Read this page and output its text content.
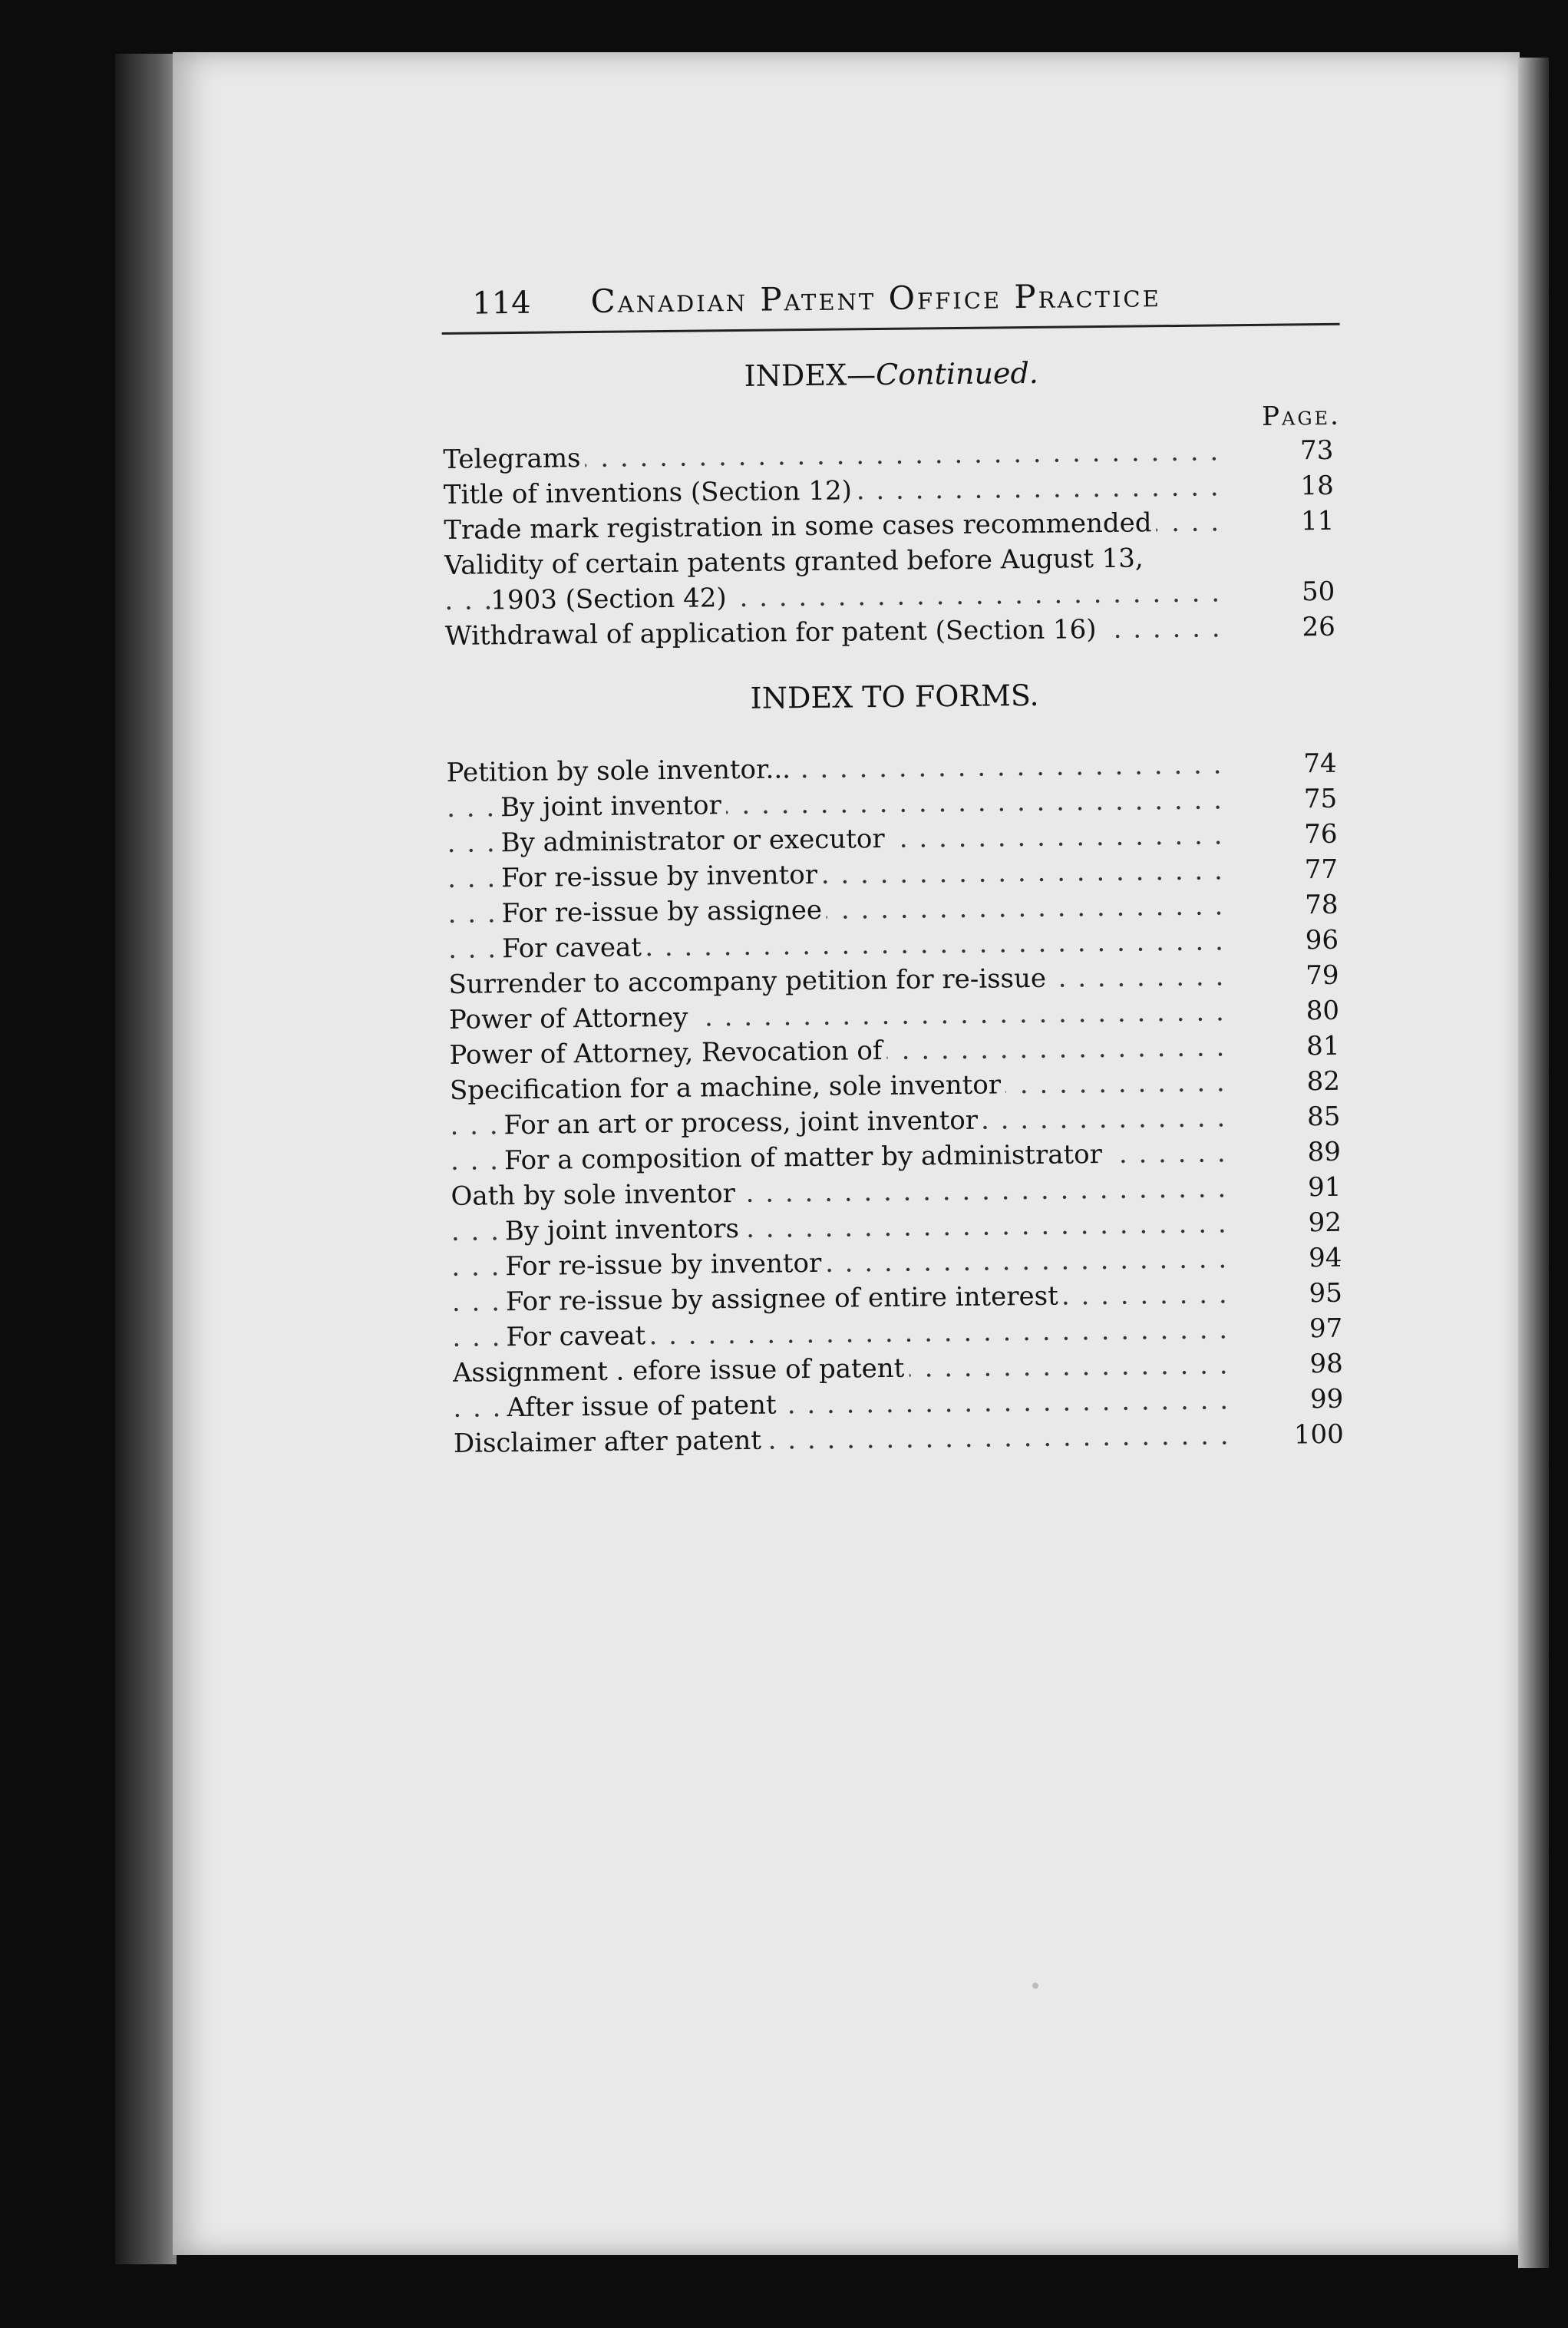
114 Canadian Patent Office Practice
INDEX—Continued.
Page.
Telegrams . . .	73
Title of inventions (Section 12) . . .	18
Trade mark registration in some cases recommended . . .	11
Validity of certain patents granted before August 13,
1903 (Section 42) . . .	50
Withdrawal of application for patent (Section 16) . . .	26
INDEX TO FORMS.
Petition by sole inventor... . . .	74
By joint inventor . . .	75
By administrator or executor . . .	76
For re-issue by inventor . . .	77
For re-issue by assignee . . .	78
For caveat . . .	96
Surrender to accompany petition for re-issue . . .	79
Power of Attorney . . .	80
Power of Attorney, Revocation of . . .	81
Specification for a machine, sole inventor . . .	82
For an art or process, joint inventor . . .	85
For a composition of matter by administrator . . .	89
Oath by sole inventor . . .	91
By joint inventors . . .	92
For re-issue by inventor . . .	94
For re-issue by assignee of entire interest . . .	95
For caveat . . .	97
Assignment . efore issue of patent . . .	98
After issue of patent . . .	99
Disclaimer after patent . . .	100
